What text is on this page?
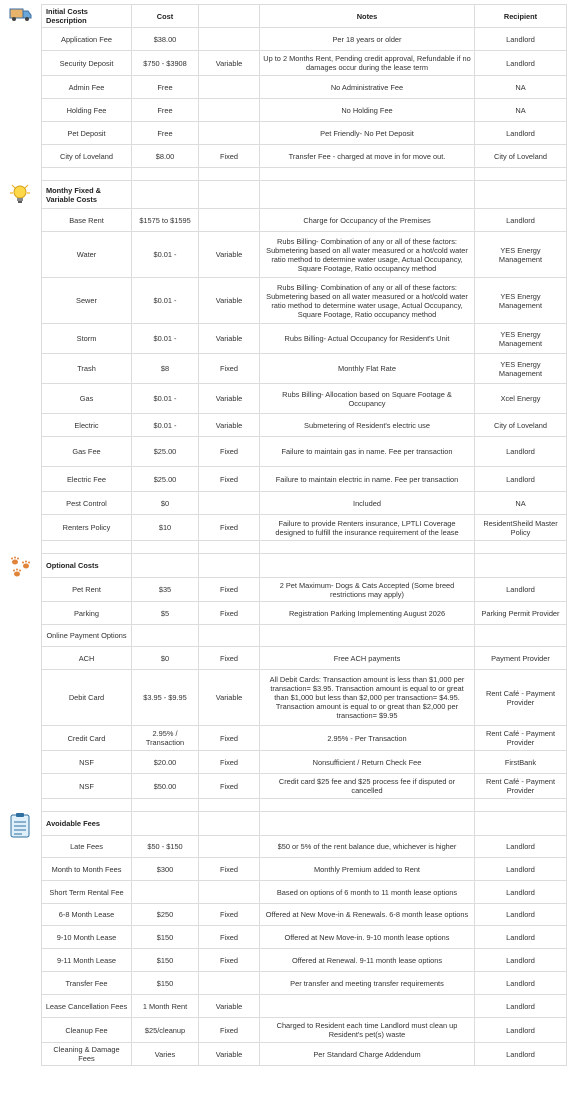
Initial Costs Description	Cost		Notes	Recipient
Application Fee	$38.00		Per 18 years or older	Landlord
Security Deposit	$750 - $3908	Variable	Up to 2 Months Rent, Pending credit approval, Refundable if no damages occur during the lease term	Landlord
Admin Fee	Free		No Administrative Fee	NA
Holding Fee	Free		No Holding Fee	NA
Pet Deposit	Free		Pet Friendly- No Pet Deposit	Landlord
City of Loveland	$8.00	Fixed	Transfer Fee - charged at move in for move out.	City of Loveland

Monthy Fixed & Variable Costs				
Base Rent	$1575 to $1595		Charge for Occupancy of the Premises	Landlord
Water	$0.01 -	Variable	Rubs Billing- Combination of any or all of these factors: Submetering based on all water measured or a hot/cold water ratio method to determine water usage, Actual Occupancy, Square Footage, Ratio occupancy method	YES Energy Management
Sewer	$0.01 -	Variable	Rubs Billing- Combination of any or all of these factors: Submetering based on all water measured or a hot/cold water ratio method to determine water usage, Actual Occupancy, Square Footage, Ratio occupancy method	YES Energy Management
Storm	$0.01 -	Variable	Rubs Billing- Actual Occupancy for Resident's Unit	YES Energy Management
Trash	$8	Fixed	Monthly Flat Rate	YES Energy Management
Gas	$0.01 -	Variable	Rubs Billing- Allocation based on Square Footage & Occupancy	Xcel Energy
Electric	$0.01 -	Variable	Submetering of Resident's electric use	City of Loveland
Gas Fee	$25.00	Fixed	Failure to maintain gas in name. Fee per transaction	Landlord
Electric Fee	$25.00	Fixed	Failure to maintain electric in name. Fee per transaction	Landlord
Pest Control	$0		Included	NA
Renters Policy	$10	Fixed	Failure to provide Renters insurance, LPTLI Coverage designed to fulfill the insurance requirement of the lease	ResidentSheild Master Policy

Optional Costs				
Pet Rent	$35	Fixed	2 Pet Maximum- Dogs & Cats Accepted (Some breed restrictions may apply)	Landlord
Parking	$5	Fixed	Registration Parking Implementing August 2026	Parking Permit Provider
Online Payment Options				
ACH	$0	Fixed	Free ACH payments	Payment Provider
Debit Card	$3.95 - $9.95	Variable	All Debit Cards: Transaction amount is less than $1,000 per transaction= $3.95. Transaction amount is equal to or great than $1,000 but less than $2,000 per transaction= $4.95. Transaction amount is equal to or great than $2,000 per transaction= $9.95	Rent Café - Payment Provider
Credit Card	2.95% / Transaction	Fixed	2.95% - Per Transaction	Rent Café - Payment Provider
NSF	$20.00	Fixed	Nonsufficient / Return Check Fee	FirstBank
NSF	$50.00	Fixed	Credit card $25 fee and $25 process fee if disputed or cancelled	Rent Café - Payment Provider

Avoidable Fees				
Late Fees	$50 - $150		$50 or 5% of the rent balance due, whichever is higher	Landlord
Month to Month Fees	$300	Fixed	Monthly Premium added to Rent	Landlord
Short Term Rental Fee			Based on options of 6 month to 11 month lease options	Landlord
6-8 Month Lease	$250	Fixed	Offered at New Move-in & Renewals. 6-8 month lease options	Landlord
9-10 Month Lease	$150	Fixed	Offered at New Move-in. 9-10 month lease options	Landlord
9-11 Month Lease	$150	Fixed	Offered at Renewal. 9-11 month lease options	Landlord
Transfer Fee	$150		Per transfer and meeting transfer requirements	Landlord
Lease Cancellation Fees	1 Month Rent	Variable		Landlord
Cleanup Fee	$25/cleanup	Fixed	Charged to Resident each time Landlord must clean up Resident's pet(s) waste	Landlord
Cleaning & Damage Fees	Varies	Variable	Per Standard Charge Addendum	Landlord
